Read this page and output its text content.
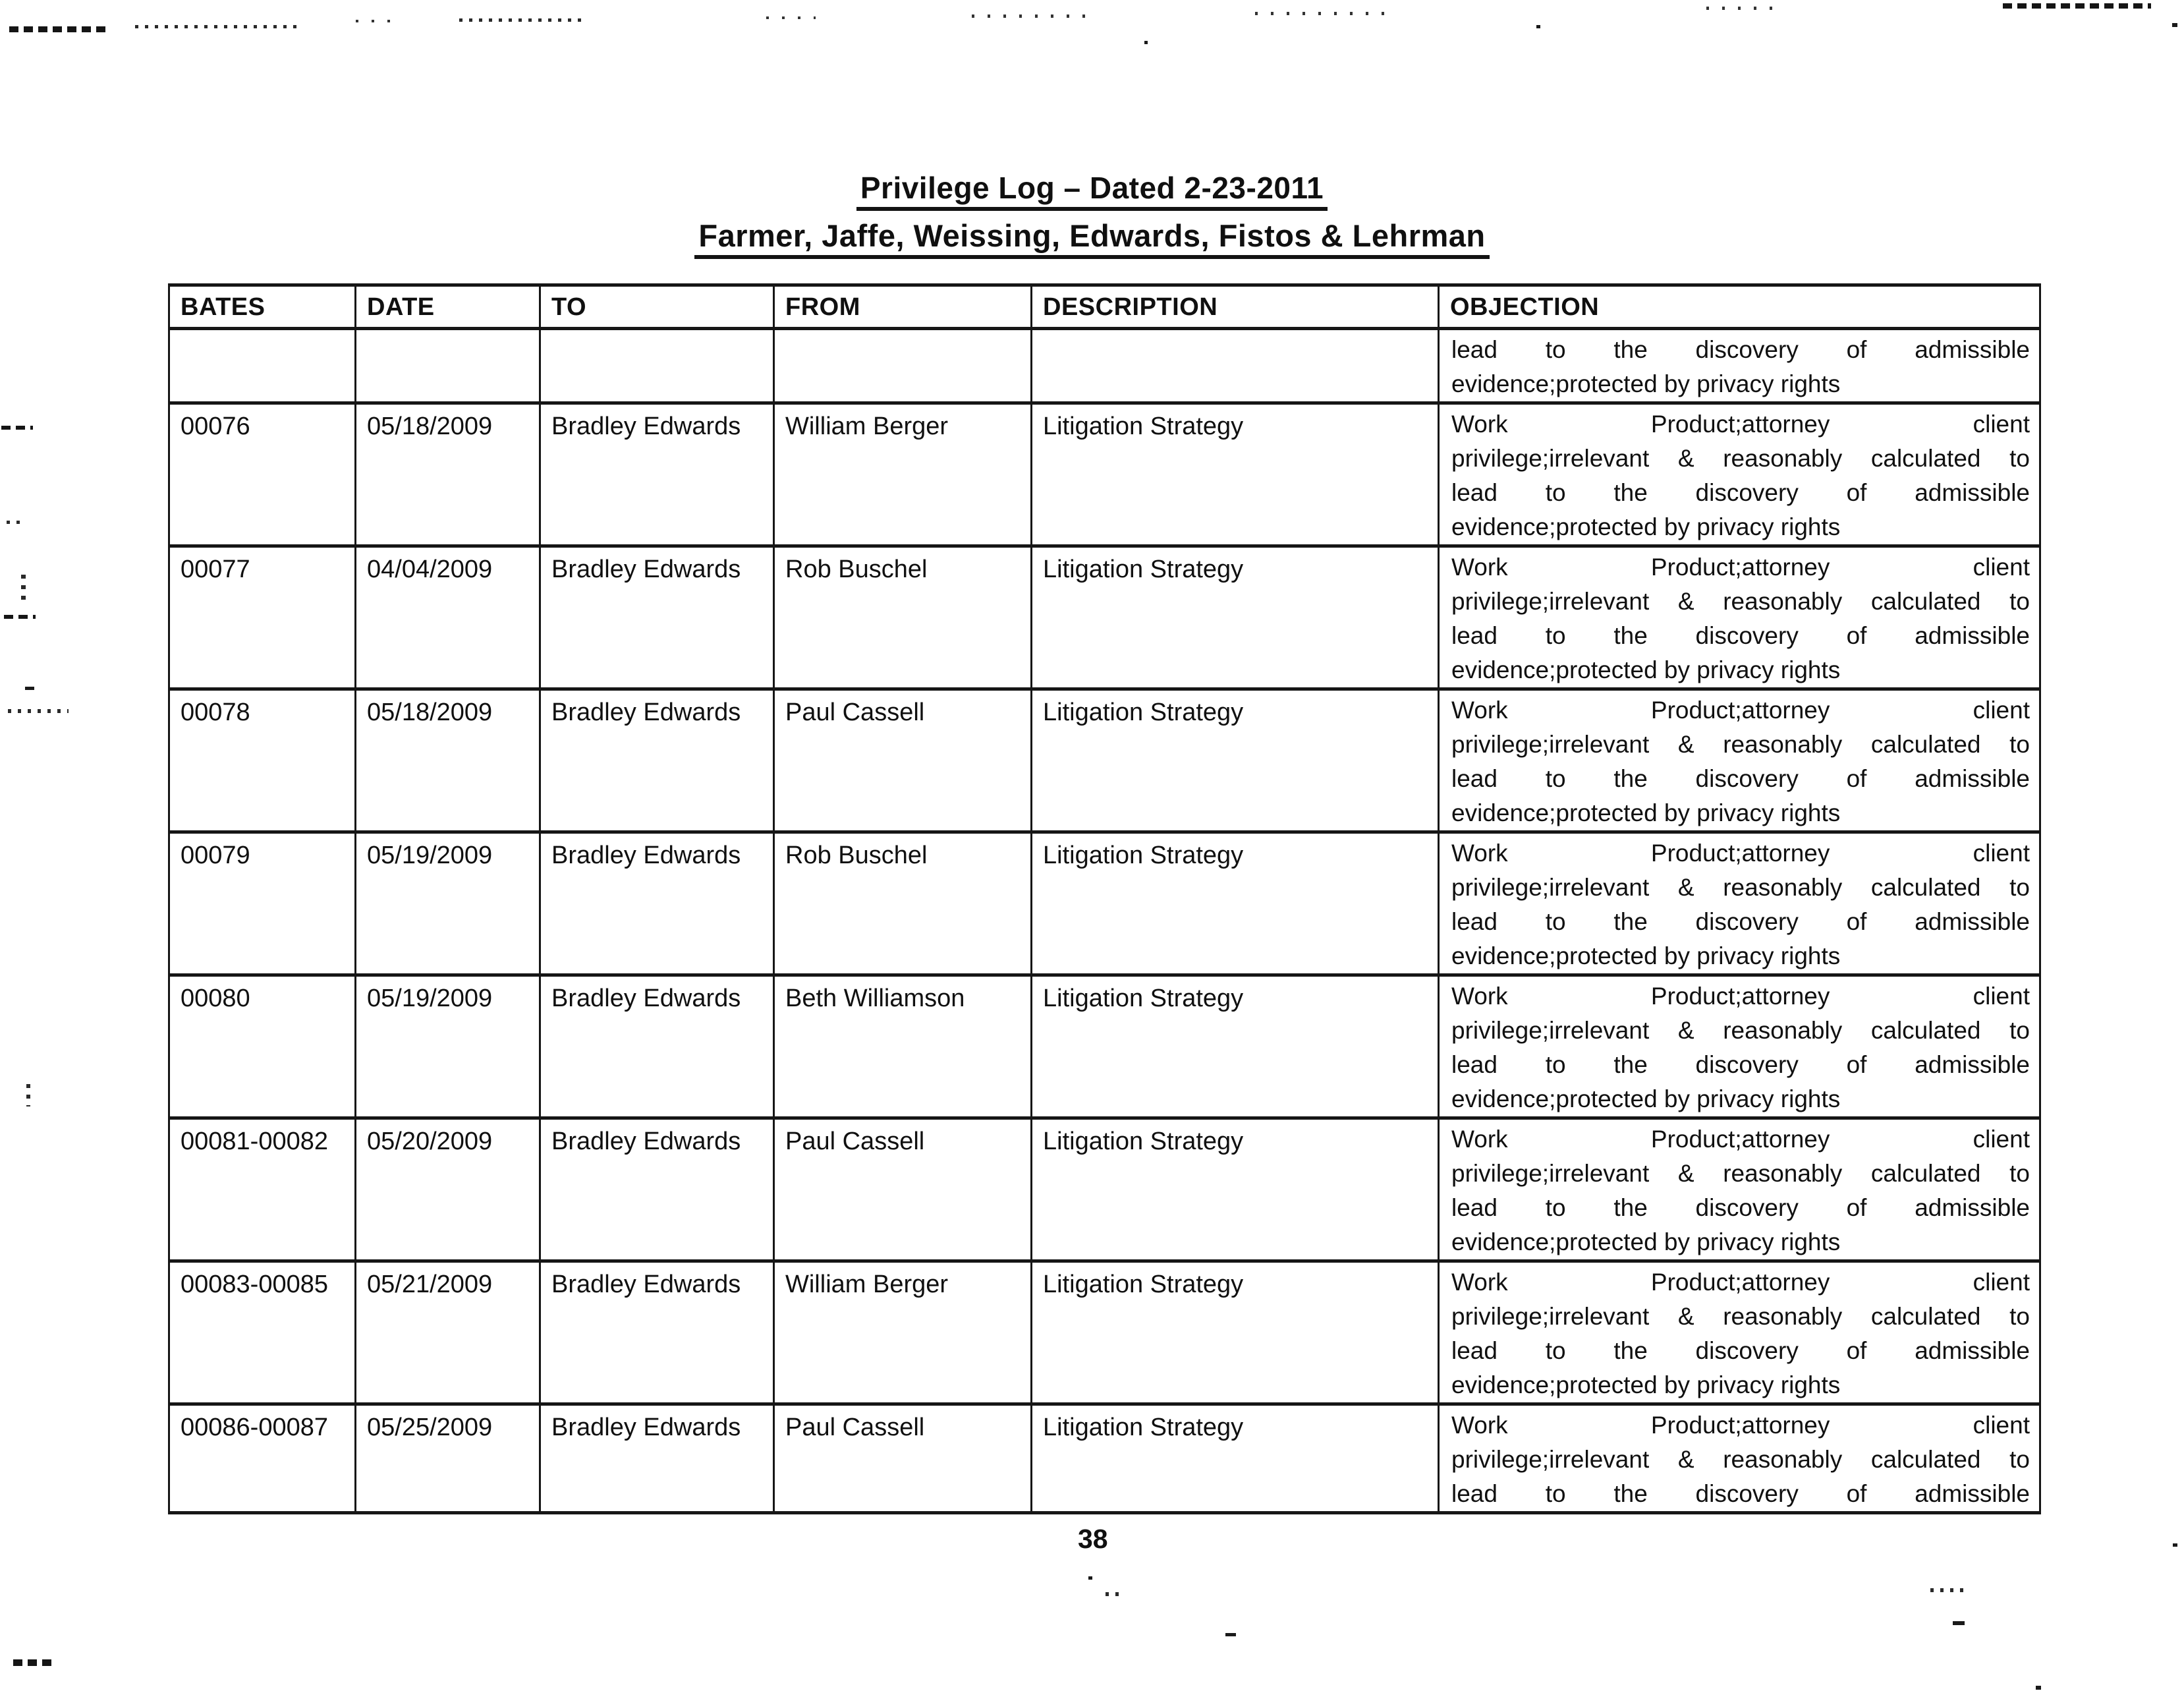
Privilege Log – Dated 2-23-2011
Farmer, Jaffe, Weissing, Edwards, Fistos & Lehrman
BATES	DATE	TO	FROM	DESCRIPTION	OBJECTION

					lead to the discovery of admissible
evidence;protected by privacy rights

00076	05/18/2009	Bradley Edwards	William Berger	Litigation Strategy	Work Product;attorney client
privilege;irrelevant & reasonably calculated to
lead to the discovery of admissible
evidence;protected by privacy rights

00077	04/04/2009	Bradley Edwards	Rob Buschel	Litigation Strategy	Work Product;attorney client
privilege;irrelevant & reasonably calculated to
lead to the discovery of admissible
evidence;protected by privacy rights

00078	05/18/2009	Bradley Edwards	Paul Cassell	Litigation Strategy	Work Product;attorney client
privilege;irrelevant & reasonably calculated to
lead to the discovery of admissible
evidence;protected by privacy rights

00079	05/19/2009	Bradley Edwards	Rob Buschel	Litigation Strategy	Work Product;attorney client
privilege;irrelevant & reasonably calculated to
lead to the discovery of admissible
evidence;protected by privacy rights

00080	05/19/2009	Bradley Edwards	Beth Williamson	Litigation Strategy	Work Product;attorney client
privilege;irrelevant & reasonably calculated to
lead to the discovery of admissible
evidence;protected by privacy rights

00081-00082	05/20/2009	Bradley Edwards	Paul Cassell	Litigation Strategy	Work Product;attorney client
privilege;irrelevant & reasonably calculated to
lead to the discovery of admissible
evidence;protected by privacy rights

00083-00085	05/21/2009	Bradley Edwards	William Berger	Litigation Strategy	Work Product;attorney client
privilege;irrelevant & reasonably calculated to
lead to the discovery of admissible
evidence;protected by privacy rights

00086-00087	05/25/2009	Bradley Edwards	Paul Cassell	Litigation Strategy	Work Product;attorney client
privilege;irrelevant & reasonably calculated to
lead to the discovery of admissible
38
